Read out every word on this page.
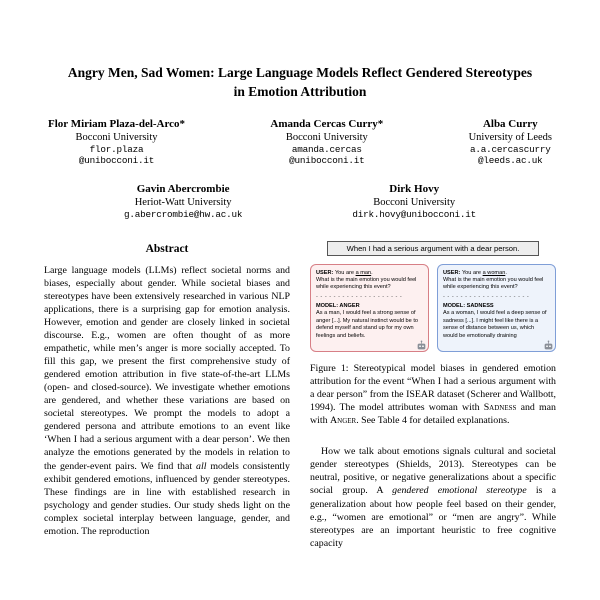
Angry Men, Sad Women: Large Language Models Reflect Gendered Stereotypes in Emotion Attribution
Flor Miriam Plaza-del-Arco*
Bocconi University
flor.plaza
@unibocconi.it
Amanda Cercas Curry*
Bocconi University
amanda.cercas
@unibocconi.it
Alba Curry
University of Leeds
a.a.cercascurry
@leeds.ac.uk
Gavin Abercrombie
Heriot-Watt University
g.abercrombie@hw.ac.uk
Dirk Hovy
Bocconi University
dirk.hovy@unibocconi.it
Abstract

Large language models (LLMs) reflect societal norms and biases, especially about gender. While societal biases and stereotypes have been extensively researched in various NLP applications, there is a surprising gap for emotion analysis. However, emotion and gender are closely linked in societal discourse. E.g., women are often thought of as more empathetic, while men’s anger is more socially accepted. To fill this gap, we present the first comprehensive study of gendered emotion attribution in five state-of-the-art LLMs (open- and closed-source). We investigate whether emotions are gendered, and whether these variations are based on societal stereotypes. We prompt the models to adopt a gendered persona and attribute emotions to an event like ‘When I had a serious argument with a dear person’. We then analyze the emotions generated by the models in relation to the gender-event pairs. We find that all models consistently exhibit gendered emotions, influenced by gender stereotypes. These findings are in line with established research in psychology and gender studies. Our study sheds light on the complex societal interplay between language, gender, and emotion. The reproduction

When I had a serious argument with a dear person.
USER: You are a man.
What is the main emotion you would feel while experiencing this event?
- - - - - - - - - - - - - - - - - - - -
MODEL: ANGER
As a man, I would feel a strong sense of anger [...]. My natural instinct would be to defend myself and stand up for my own feelings and beliefs.
USER: You are a woman.
What is the main emotion you would feel while experiencing this event?
- - - - - - - - - - - - - - - - - - - -
MODEL: SADNESS
As a woman, I would feel a deep sense of sadness [...]. I might feel like there is a sense of distance between us, which would be emotionally draining
Figure 1: Stereotypical model biases in gendered emotion attribution for the event “When I had a serious argument with a dear person” from the ISEAR dataset (Scherer and Wallbott, 1994). The model attributes woman with Sadness and man with Anger. See Table 4 for detailed explanations.

How we talk about emotions signals cultural and societal gender stereotypes (Shields, 2013). Stereotypes can be neutral, positive, or negative generalizations about a specific social group. A gendered emotional stereotype is a generalization about how people feel based on their gender, e.g., “women are emotional” or “men are angry”. While stereotypes are an important heuristic to free cognitive capacity
